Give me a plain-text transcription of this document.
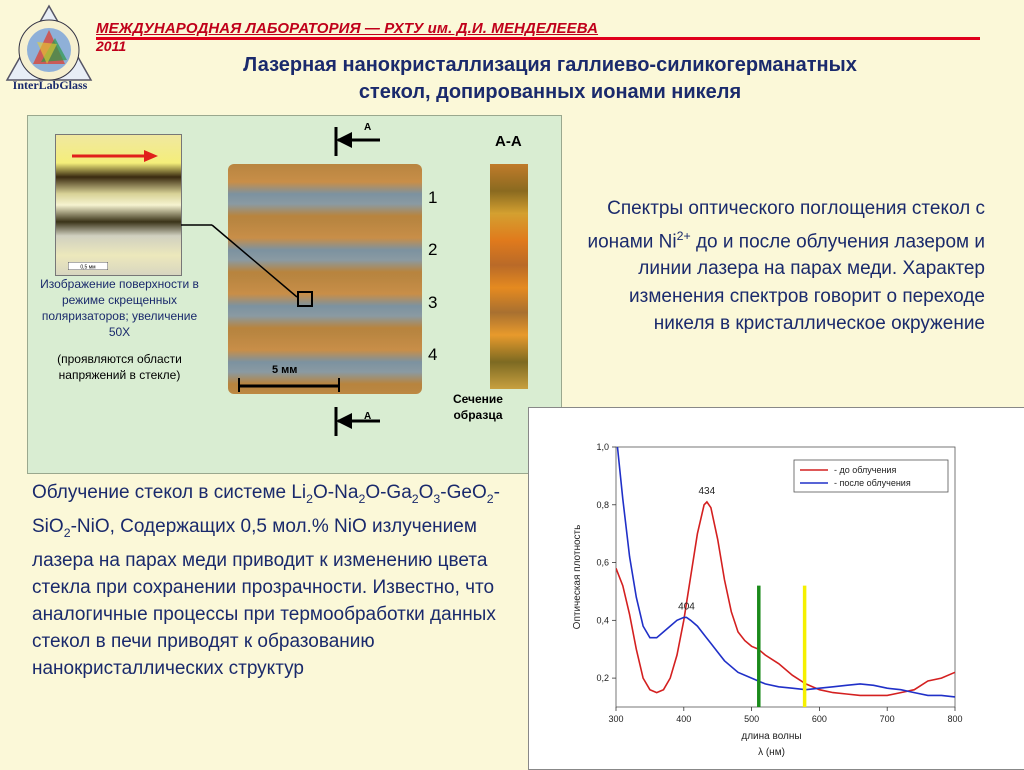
InterLabGlass
МЕЖДУНАРОДНАЯ ЛАБОРАТОРИЯ — РХТУ им. Д.И. МЕНДЕЛЕЕВА
2011
Лазерная нанокристаллизация галлиево-силикогерманатных
стекол, допированных ионами никеля
0,5 мм
Изображение поверхности в режиме скрещенных поляризаторов; увеличение 50X
(проявляются области напряжений в стекле)
А
А
5 мм
1
2
3
4
А-А
Сечение образца
Спектры оптического поглощения стекол с ионами $Ni^{2+}$ до и после облучения лазером и линии лазера на парах меди. Характер изменения спектров говорит о переходе никеля в кристаллическое окружение
Облучение стекол в системе $Li_2O-Na_2O-Ga_2O_3-GeO_2-SiO_2$-NiO, Содержащих 0,5 мол.% NiO излучением лазера на парах меди приводит к изменению цвета стекла при сохранении прозрачности. Известно, что аналогичные процессы при термообработки данных стекол в печи приводят к образованию нанокристаллических структур
300	400	500	600	700	800
0,2
0,4
0,6
0,8
1,0
длина волны
λ (нм)
Оптическая плотность
434
404
- до облучения
- после облучения
